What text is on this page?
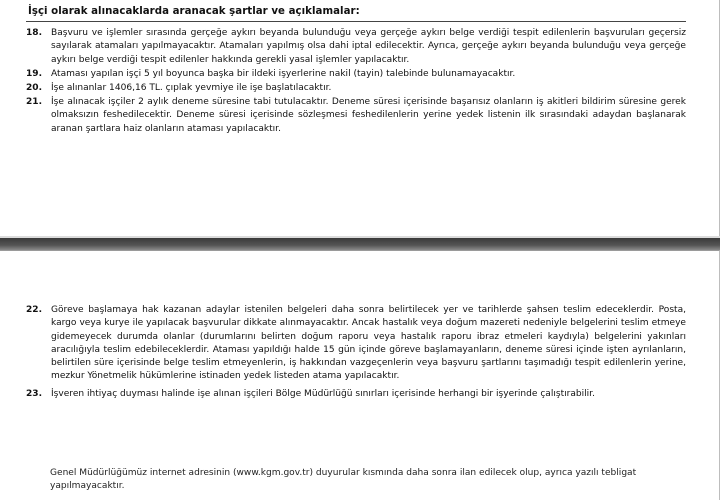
İşçi olarak alınacaklarda aranacak şartlar ve açıklamalar:
18. Başvuru ve işlemler sırasında gerçeğe aykırı beyanda bulunduğu veya gerçeğe aykırı belge verdiği tespit edilenlerin başvuruları geçersiz sayılarak atamaları yapılmayacaktır. Atamaları yapılmış olsa dahi iptal edilecektir. Ayrıca, gerçeğe aykırı beyanda bulunduğu veya gerçeğe aykırı belge verdiği tespit edilenler hakkında gerekli yasal işlemler yapılacaktır.
19. Ataması yapılan işçi 5 yıl boyunca başka bir ildeki işyerlerine nakil (tayin) talebinde bulunamayacaktır.
20. İşe alınanlar 1406,16 TL. çıplak yevmiye ile işe başlatılacaktır.
21. İşe alınacak işçiler 2 aylık deneme süresine tabi tutulacaktır. Deneme süresi içerisinde başarısız olanların iş akitleri bildirim süresine gerek olmaksızın feshedilecektir. Deneme süresi içerisinde sözleşmesi feshedilenlerin yerine yedek listenin ilk sırasındaki adaydan başlanarak aranan şartlara haiz olanların ataması yapılacaktır.
22. Göreve başlamaya hak kazanan adaylar istenilen belgeleri daha sonra belirtilecek yer ve tarihlerde şahsen teslim edeceklerdir. Posta, kargo veya kurye ile yapılacak başvurular dikkate alınmayacaktır. Ancak hastalık veya doğum mazereti nedeniyle belgelerini teslim etmeye gidemeyecek durumda olanlar (durumlarını belirten doğum raporu veya hastalık raporu ibraz etmeleri kaydıyla) belgelerini yakınları aracılığıyla teslim edebileceklerdir. Ataması yapıldığı halde 15 gün içinde göreve başlamayanların, deneme süresi içinde işten ayrılanların, belirtilen süre içerisinde belge teslim etmeyenlerin, iş hakkından vazgeçenlerin veya başvuru şartlarını taşımadığı tespit edilenlerin yerine, mezkur Yönetmelik hükümlerine istinaden yedek listeden atama yapılacaktır.
23. İşveren ihtiyaç duyması halinde işe alınan işçileri Bölge Müdürlüğü sınırları içerisinde herhangi bir işyerinde çalıştırabilir.
Genel Müdürlüğümüz internet adresinin (www.kgm.gov.tr) duyurular kısmında daha sonra ilan edilecek olup, ayrıca yazılı tebligat
yapılmayacaktır.
